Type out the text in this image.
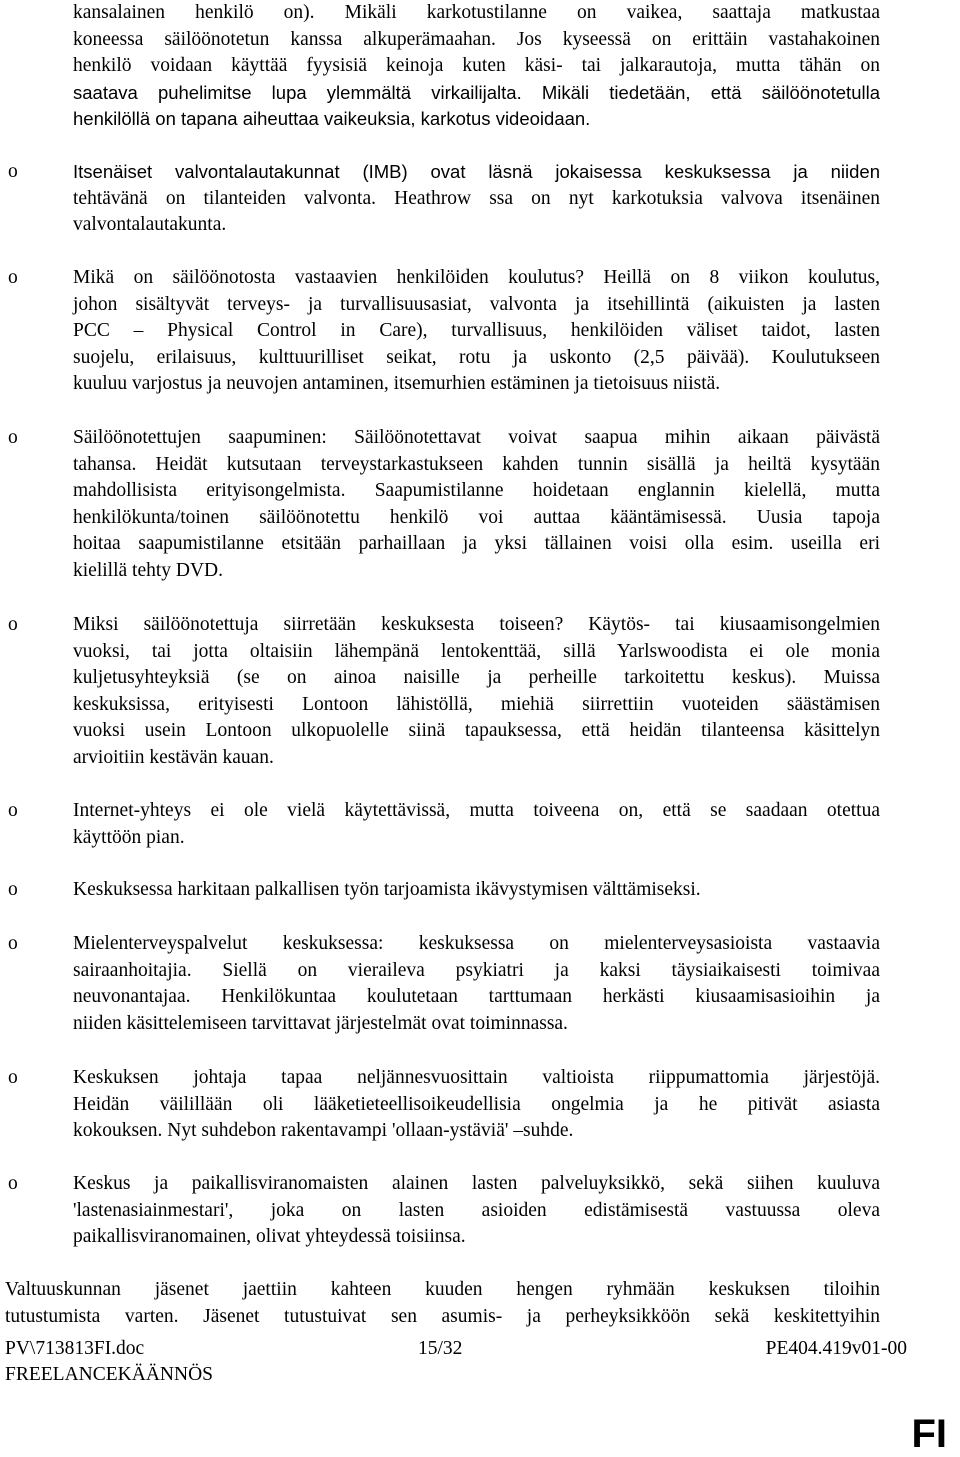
kansalainen henkilö on). Mikäli karkotustilanne on vaikea, saattaja matkustaa
koneessa säilöönotetun kanssa alkuperämaahan. Jos kyseessä on erittäin vastahakoinen
henkilö voidaan käyttää fyysisiä keinoja kuten käsi- tai jalkarautoja, mutta tähän on
saatava puhelimitse lupa ylemmältä virkailijalta. Mikäli tiedetään, että säilöönotetulla
henkilöllä on tapana aiheuttaa vaikeuksia, karkotus videoidaan.
o	Itsenäiset valvontalautakunnat (IMB) ovat läsnä jokaisessa keskuksessa ja niiden
tehtävänä on tilanteiden valvonta. Heathrow ssa on nyt karkotuksia valvova itsenäinen
valvontalautakunta.
o	Mikä on säilöönotosta vastaavien henkilöiden koulutus? Heillä on 8 viikon koulutus,
johon sisältyvät terveys- ja turvallisuusasiat, valvonta ja itsehillintä (aikuisten ja lasten
PCC – Physical Control in Care), turvallisuus, henkilöiden väliset taidot, lasten
suojelu, erilaisuus, kulttuurilliset seikat, rotu ja uskonto (2,5 päivää). Koulutukseen
kuuluu varjostus ja neuvojen antaminen, itsemurhien estäminen ja tietoisuus niistä.
o	Säilöönotettujen saapuminen: Säilöönotettavat voivat saapua mihin aikaan päivästä
tahansa. Heidät kutsutaan terveystarkastukseen kahden tunnin sisällä ja heiltä kysytään
mahdollisista erityisongelmista. Saapumistilanne hoidetaan englannin kielellä, mutta
henkilökunta/toinen säilöönotettu henkilö voi auttaa kääntämisessä. Uusia tapoja
hoitaa saapumistilanne etsitään parhaillaan ja yksi tällainen voisi olla esim. useilla eri
kielillä tehty DVD.
o	Miksi säilöönotettuja siirretään keskuksesta toiseen? Käytös- tai kiusaamisongelmien
vuoksi, tai jotta oltaisiin lähempänä lentokenttää, sillä Yarlswoodista ei ole monia
kuljetusyhteyksiä (se on ainoa naisille ja perheille tarkoitettu keskus). Muissa
keskuksissa, erityisesti Lontoon lähistöllä, miehiä siirrettiin vuoteiden säästämisen
vuoksi usein Lontoon ulkopuolelle siinä tapauksessa, että heidän tilanteensa käsittelyn
arvioitiin kestävän kauan.
o	Internet-yhteys ei ole vielä käytettävissä, mutta toiveena on, että se saadaan otettua
käyttöön pian.
o	Keskuksessa harkitaan palkallisen työn tarjoamista ikävystymisen välttämiseksi.
o	Mielenterveyspalvelut keskuksessa: keskuksessa on mielenterveysasioista vastaavia
sairaanhoitajia. Siellä on vieraileva psykiatri ja kaksi täysiaikaisesti toimivaa
neuvonantajaa. Henkilökuntaa koulutetaan tarttumaan herkästi kiusaamisasioihin ja
niiden käsittelemiseen tarvittavat järjestelmät ovat toiminnassa.
o	Keskuksen johtaja tapaa neljännesvuosittain valtioista riippumattomia järjestöjä.
Heidän väilillään oli lääketieteellisoikeudellisia ongelmia ja he pitivät asiasta
kokouksen. Nyt suhdebon rakentavampi 'ollaan-ystäviä' –suhde.
o	Keskus ja paikallisviranomaisten alainen lasten palveluyksikkö, sekä siihen kuuluva
'lastenasiainmestari', joka on lasten asioiden edistämisestä vastuussa oleva
paikallisviranomainen, olivat yhteydessä toisiinsa.
Valtuuskunnan jäsenet jaettiin kahteen kuuden hengen ryhmään keskuksen tiloihin
tutustumista varten. Jäsenet tutustuivat sen asumis- ja perheyksikköön sekä keskitettyihin
PV\713813FI.doc	15/32	PE404.419v01-00
FREELANCEKÄÄNNÖS
FI
